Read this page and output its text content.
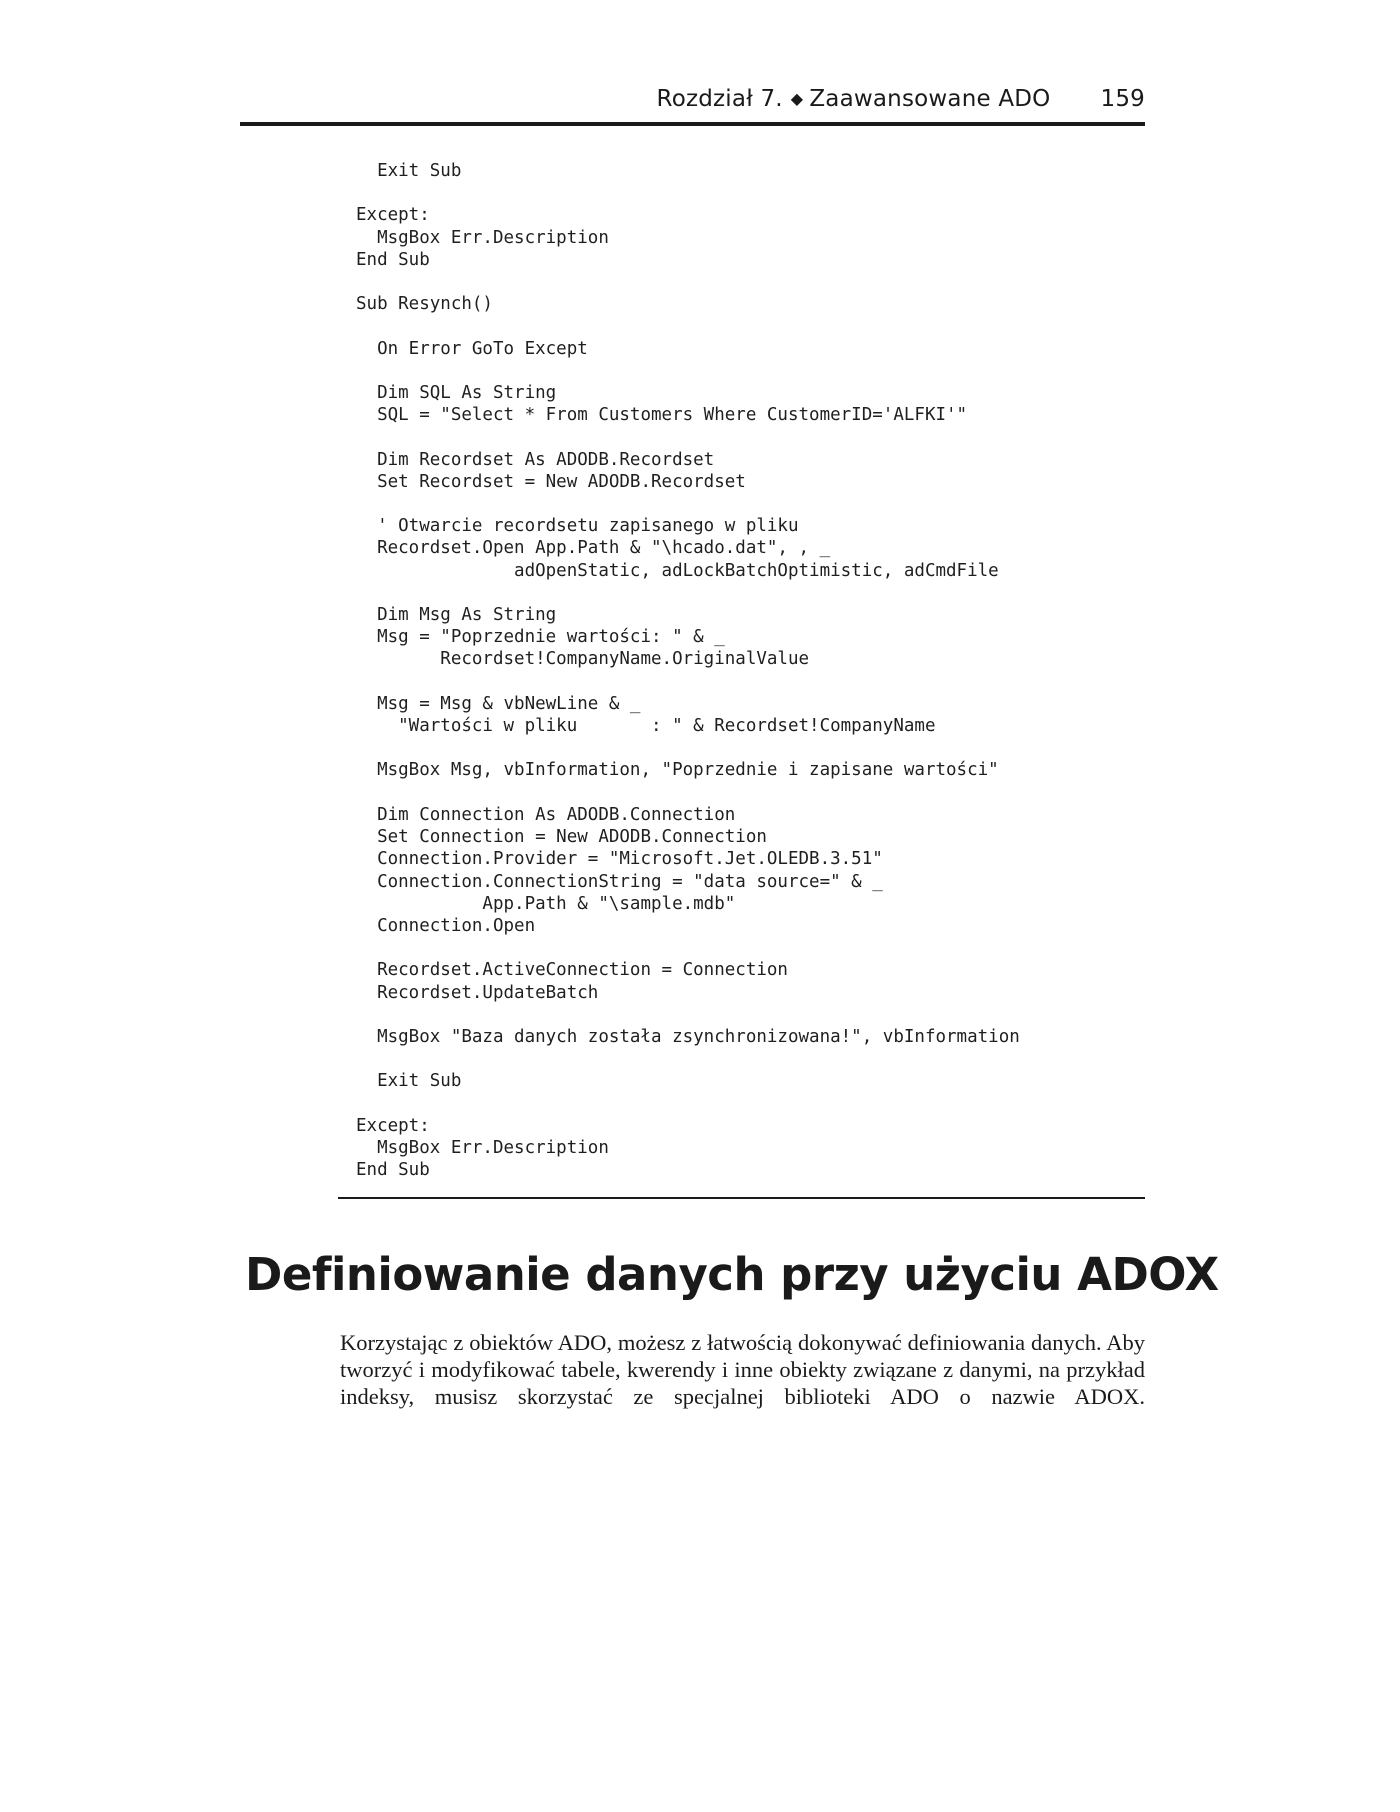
Rozdział 7. ◆ Zaawansowane ADO 159
Exit Sub

Except:
MsgBox Err.Description
End Sub

Sub Resynch()

On Error GoTo Except

Dim SQL As String
SQL = "Select * From Customers Where CustomerID='ALFKI'"

Dim Recordset As ADODB.Recordset
Set Recordset = New ADODB.Recordset

' Otwarcie recordsetu zapisanego w pliku
Recordset.Open App.Path & "\hcado.dat", , _
adOpenStatic, adLockBatchOptimistic, adCmdFile

Dim Msg As String
Msg = "Poprzednie wartości: " & _
Recordset!CompanyName.OriginalValue

Msg = Msg & vbNewLine & _
"Wartości w pliku       : " & Recordset!CompanyName

MsgBox Msg, vbInformation, "Poprzednie i zapisane wartości"

Dim Connection As ADODB.Connection
Set Connection = New ADODB.Connection
Connection.Provider = "Microsoft.Jet.OLEDB.3.51"
Connection.ConnectionString = "data source=" & _
App.Path & "\sample.mdb"
Connection.Open

Recordset.ActiveConnection = Connection
Recordset.UpdateBatch

MsgBox "Baza danych została zsynchronizowana!", vbInformation

Exit Sub

Except:
MsgBox Err.Description
End Sub
Definiowanie danych przy użyciu ADOX

Korzystając z obiektów ADO, możesz z łatwością dokonywać definiowania danych. Aby tworzyć i modyfikować tabele, kwerendy i inne obiekty związane z danymi, na przykład indeksy, musisz skorzystać ze specjalnej biblioteki ADO o nazwie ADOX.
